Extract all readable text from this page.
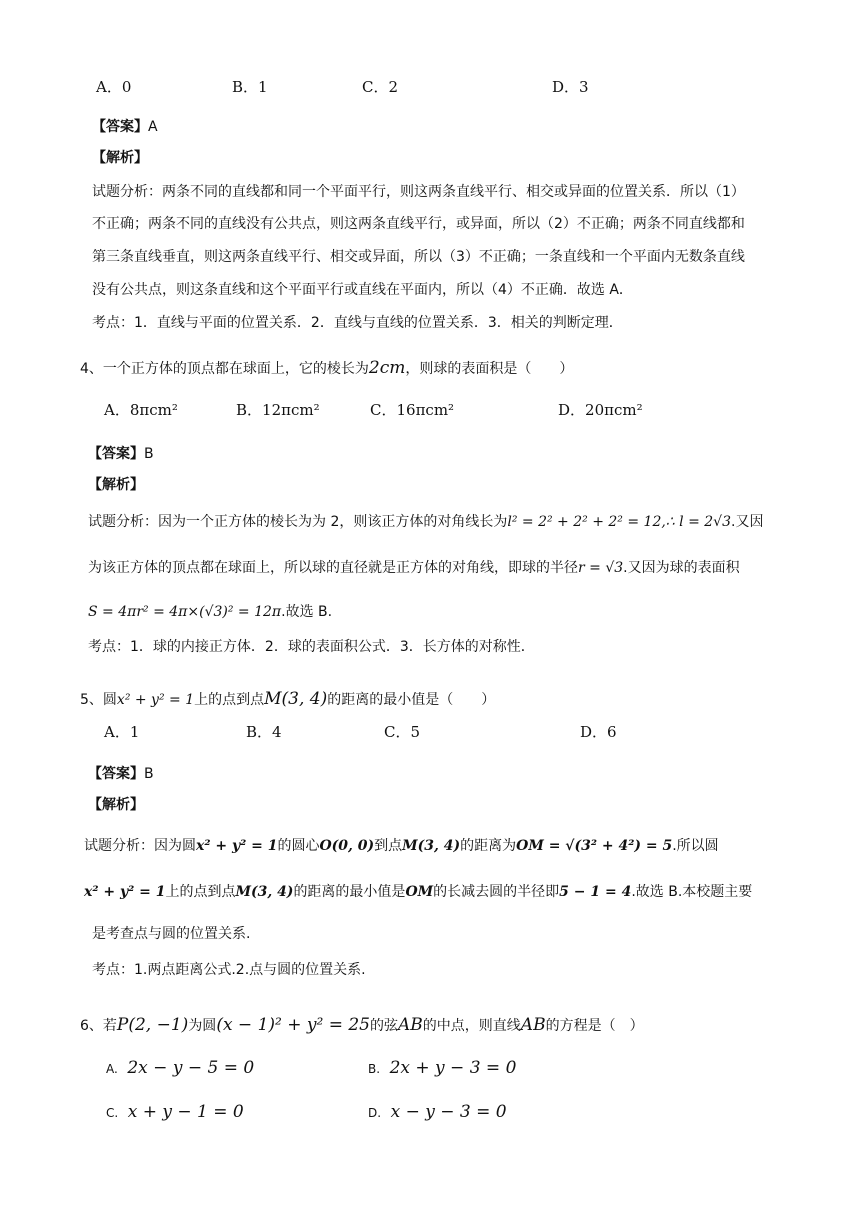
A．0	B．1	C．2	D．3
【答案】A
【解析】
试题分析：两条不同的直线都和同一个平面平行，则这两条直线平行、相交或异面的位置关系．所以（1）
不正确；两条不同的直线没有公共点，则这两条直线平行，或异面，所以（2）不正确；两条不同直线都和
第三条直线垂直，则这两条直线平行、相交或异面，所以（3）不正确；一条直线和一个平面内无数条直线
没有公共点，则这条直线和这个平面平行或直线在平面内，所以（4）不正确．故选 A．
考点：1．直线与平面的位置关系．2．直线与直线的位置关系．3．相关的判断定理．
4、一个正方体的顶点都在球面上，它的棱长为2cm，则球的表面积是（　　）
A．8πcm²	B．12πcm²	C．16πcm²	D．20πcm²
【答案】B
【解析】
试题分析：因为一个正方体的棱长为为 2，则该正方体的对角线长为l² = 2² + 2² + 2² = 12,∴ l = 2√3.又因
为该正方体的顶点都在球面上，所以球的直径就是正方体的对角线，即球的半径r = √3.又因为球的表面积
S = 4πr² = 4π×(√3)² = 12π.故选 B.
考点：1．球的内接正方体．2．球的表面积公式．3．长方体的对称性．
5、圆x² + y² = 1上的点到点M(3, 4)的距离的最小值是（　　）
A．1	B．4	C．5	D．6
【答案】B
【解析】
试题分析：因为圆x² + y² = 1的圆心O(0, 0)到点M(3, 4)的距离为OM = √(3² + 4²) = 5.所以圆
x² + y² = 1上的点到点M(3, 4)的距离的最小值是OM的长减去圆的半径即5 − 1 = 4.故选 B.本校题主要
是考查点与圆的位置关系.
考点：1.两点距离公式.2.点与圆的位置关系.
6、若P(2, −1)为圆(x − 1)² + y² = 25的弦AB的中点，则直线AB的方程是（　）
A. 2x − y − 5 = 0	B. 2x + y − 3 = 0
C. x + y − 1 = 0	D. x − y − 3 = 0
